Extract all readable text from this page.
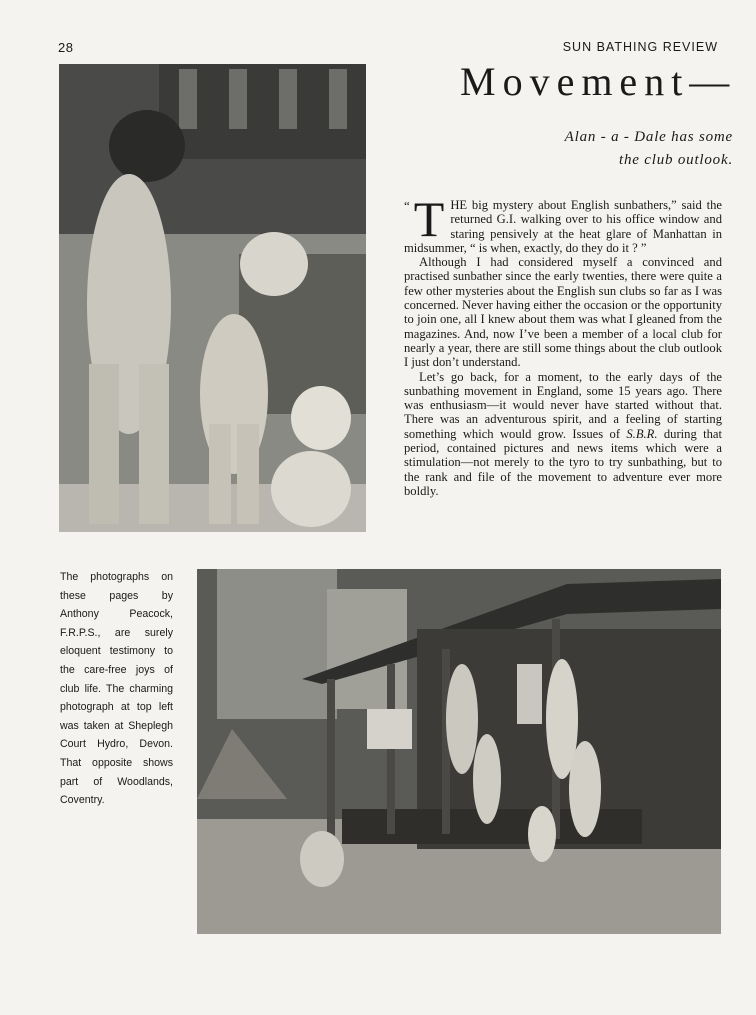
28	SUN BATHING REVIEW
Movement—
Alan - a - Dale has some
the club outlook.

“ T HE big mystery about English sunbathers,” said the returned G.I. walking over to his office window and staring pensively at the heat glare of Manhattan in midsummer, “ is when, exactly, do they do it ? ”

Although I had considered myself a convinced and practised sunbather since the early twenties, there were quite a few other mysteries about the English sun clubs so far as I was concerned. Never having either the occasion or the opportunity to join one, all I knew about them was what I gleaned from the magazines. And, now I’ve been a member of a local club for nearly a year, there are still some things about the club outlook I just don’t understand.

Let’s go back, for a moment, to the early days of the sunbathing movement in England, some 15 years ago. There was enthusiasm—it would never have started without that. There was an adventurous spirit, and a feeling of starting something which would grow. Issues of S.B.R. during that period, contained pictures and news items which were a stimulation—not merely to the tyro to try sunbathing, but to the rank and file of the movement to adventure ever more boldly.

The photographs on these pages by Anthony Peacock, F.R.P.S., are surely eloquent testimony to the care-free joys of club life. The charming photograph at top left was taken at Sheplegh Court Hydro, Devon. That opposite shows part of Woodlands, Coventry.
